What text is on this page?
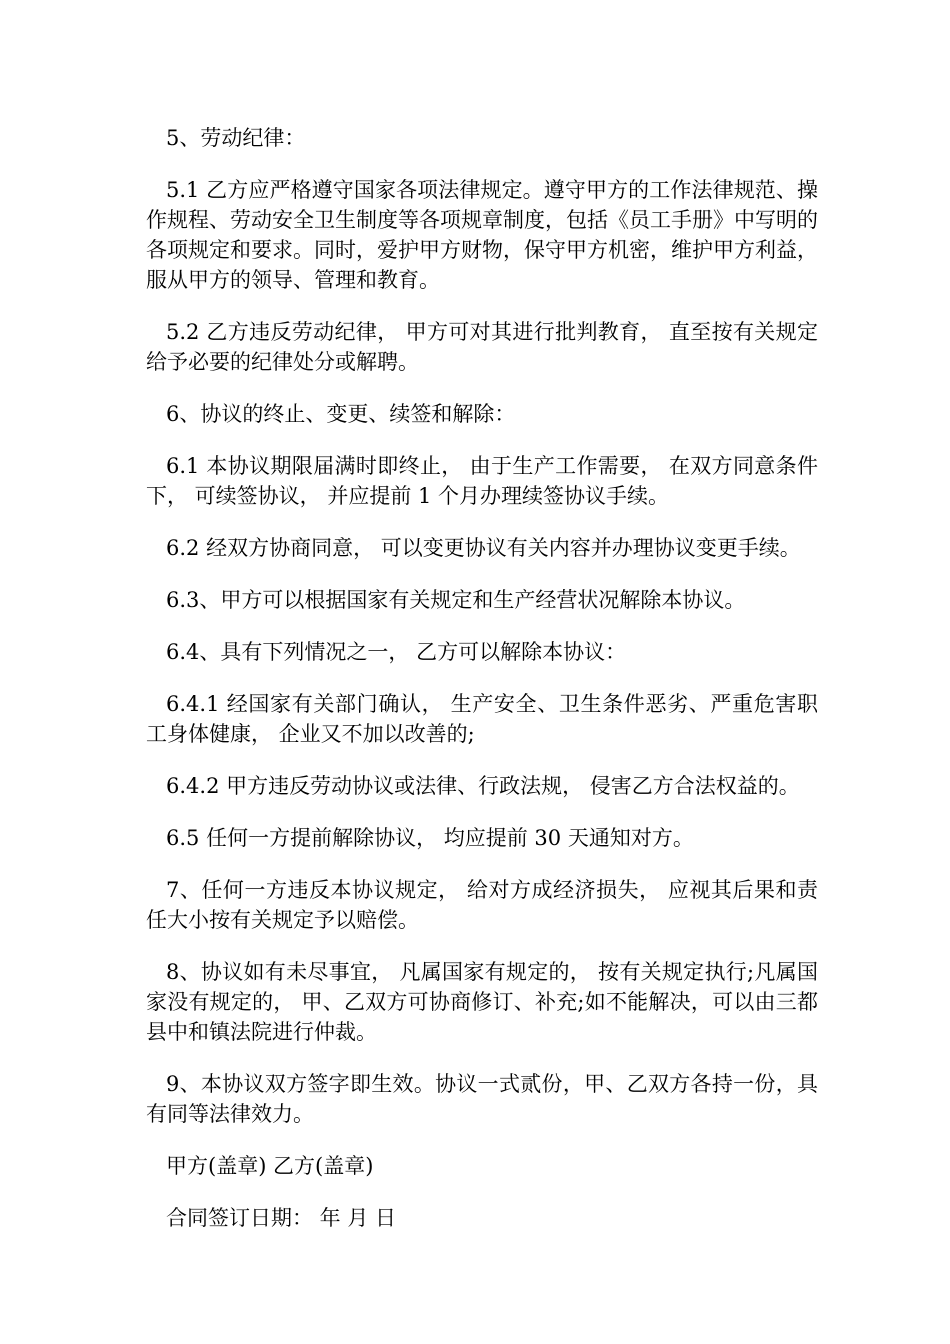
5、劳动纪律：

5.1 乙方应严格遵守国家各项法律规定。遵守甲方的工作法律规范、操作规程、劳动安全卫生制度等各项规章制度，包括《员工手册》中写明的各项规定和要求。同时，爱护甲方财物，保守甲方机密，维护甲方利益，服从甲方的领导、管理和教育。

5.2 乙方违反劳动纪律， 甲方可对其进行批判教育， 直至按有关规定给予必要的纪律处分或解聘。

6、协议的终止、变更、续签和解除：

6.1 本协议期限届满时即终止， 由于生产工作需要， 在双方同意条件下， 可续签协议， 并应提前 1 个月办理续签协议手续。

6.2 经双方协商同意， 可以变更协议有关内容并办理协议变更手续。

6.3、甲方可以根据国家有关规定和生产经营状况解除本协议。

6.4、具有下列情况之一， 乙方可以解除本协议：

6.4.1 经国家有关部门确认， 生产安全、卫生条件恶劣、严重危害职工身体健康， 企业又不加以改善的;

6.4.2 甲方违反劳动协议或法律、行政法规， 侵害乙方合法权益的。

6.5 任何一方提前解除协议， 均应提前 30 天通知对方。

7、任何一方违反本协议规定， 给对方成经济损失， 应视其后果和责任大小按有关规定予以赔偿。

8、协议如有未尽事宜， 凡属国家有规定的， 按有关规定执行;凡属国家没有规定的， 甲、乙双方可协商修订、补充;如不能解决，可以由三都县中和镇法院进行仲裁。

9、本协议双方签字即生效。协议一式贰份，甲、乙双方各持一份，具有同等法律效力。

甲方(盖章) 乙方(盖章)

合同签订日期： 年 月 日
